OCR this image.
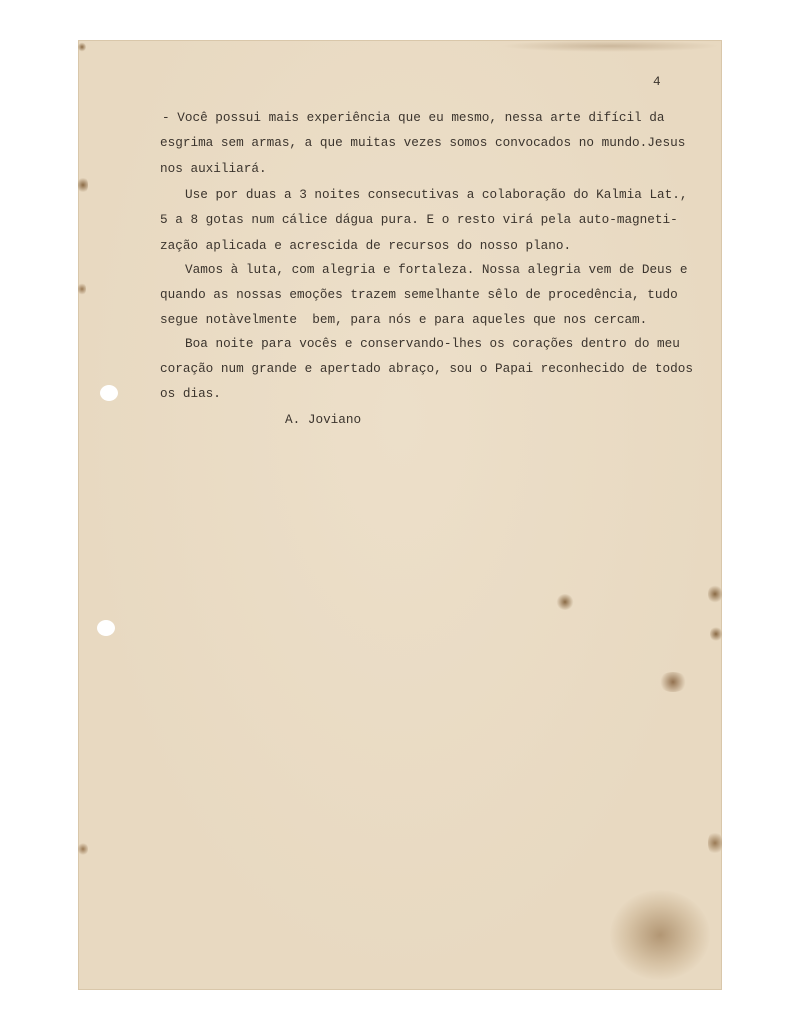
4
- Você possui mais experiência que eu mesmo, nessa arte difícil da
esgrima sem armas, a que muitas vezes somos convocados no mundo.Jesus
nos auxiliará.
Use por duas a 3 noites consecutivas a colaboração do Kalmia Lat.,
5 a 8 gotas num cálice dágua pura. E o resto virá pela auto-magneti-
zação aplicada e acrescida de recursos do nosso plano.
Vamos à luta, com alegria e fortaleza. Nossa alegria vem de Deus e
quando as nossas emoções trazem semelhante sêlo de procedência, tudo
segue notàvelmente  bem, para nós e para aqueles que nos cercam.
Boa noite para vocês e conservando-lhes os corações dentro do meu
coração num grande e apertado abraço, sou o Papai reconhecido de todos
os dias.
A. Joviano
